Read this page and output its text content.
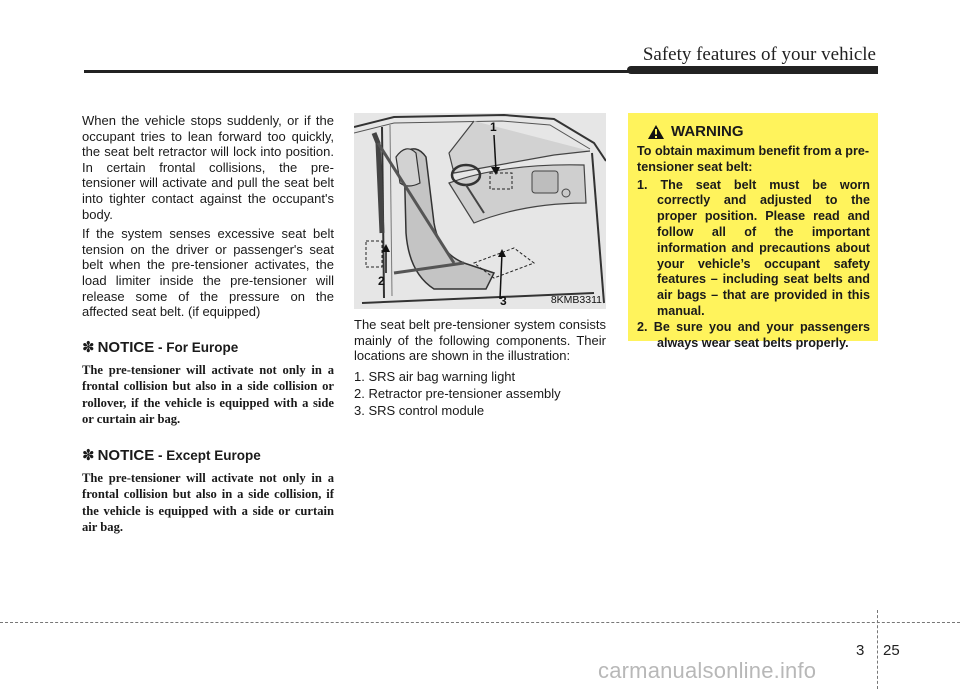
Safety features of your vehicle

When the vehicle stops suddenly, or if the occupant tries to lean forward too quickly, the seat belt retractor will lock into position. In certain frontal collisions, the pre-tensioner will activate and pull the seat belt into tighter contact against the occupant's body.

If the system senses excessive seat belt tension on the driver or passenger's seat belt when the pre-tensioner activates, the load limiter inside the pre-tensioner will release some of the pressure on the affected seat belt. (if equipped)

✽ NOTICE - For Europe

The pre-tensioner will activate not only in a frontal collision but also in a side collision or rollover, if the vehicle is equipped with a side or curtain air bag.

✽ NOTICE - Except Europe

The pre-tensioner will activate not only in a frontal collision but also in a side collision, if the vehicle is equipped with a side or curtain air bag.

1
2
3	8KMB3311

The seat belt pre-tensioner system consists mainly of the following components. Their locations are shown in the illustration:

1. SRS air bag warning light

2. Retractor pre-tensioner assembly

3. SRS control module

WARNING

To obtain maximum benefit from a pre-tensioner seat belt:

1. The seat belt must be worn correctly and adjusted to the proper position. Please read and follow all of the important information and precautions about your vehicle’s occupant safety features – including seat belts and air bags – that are provided in this manual.

2. Be sure you and your passengers always wear seat belts properly.

3 25
carmanualsonline.info
